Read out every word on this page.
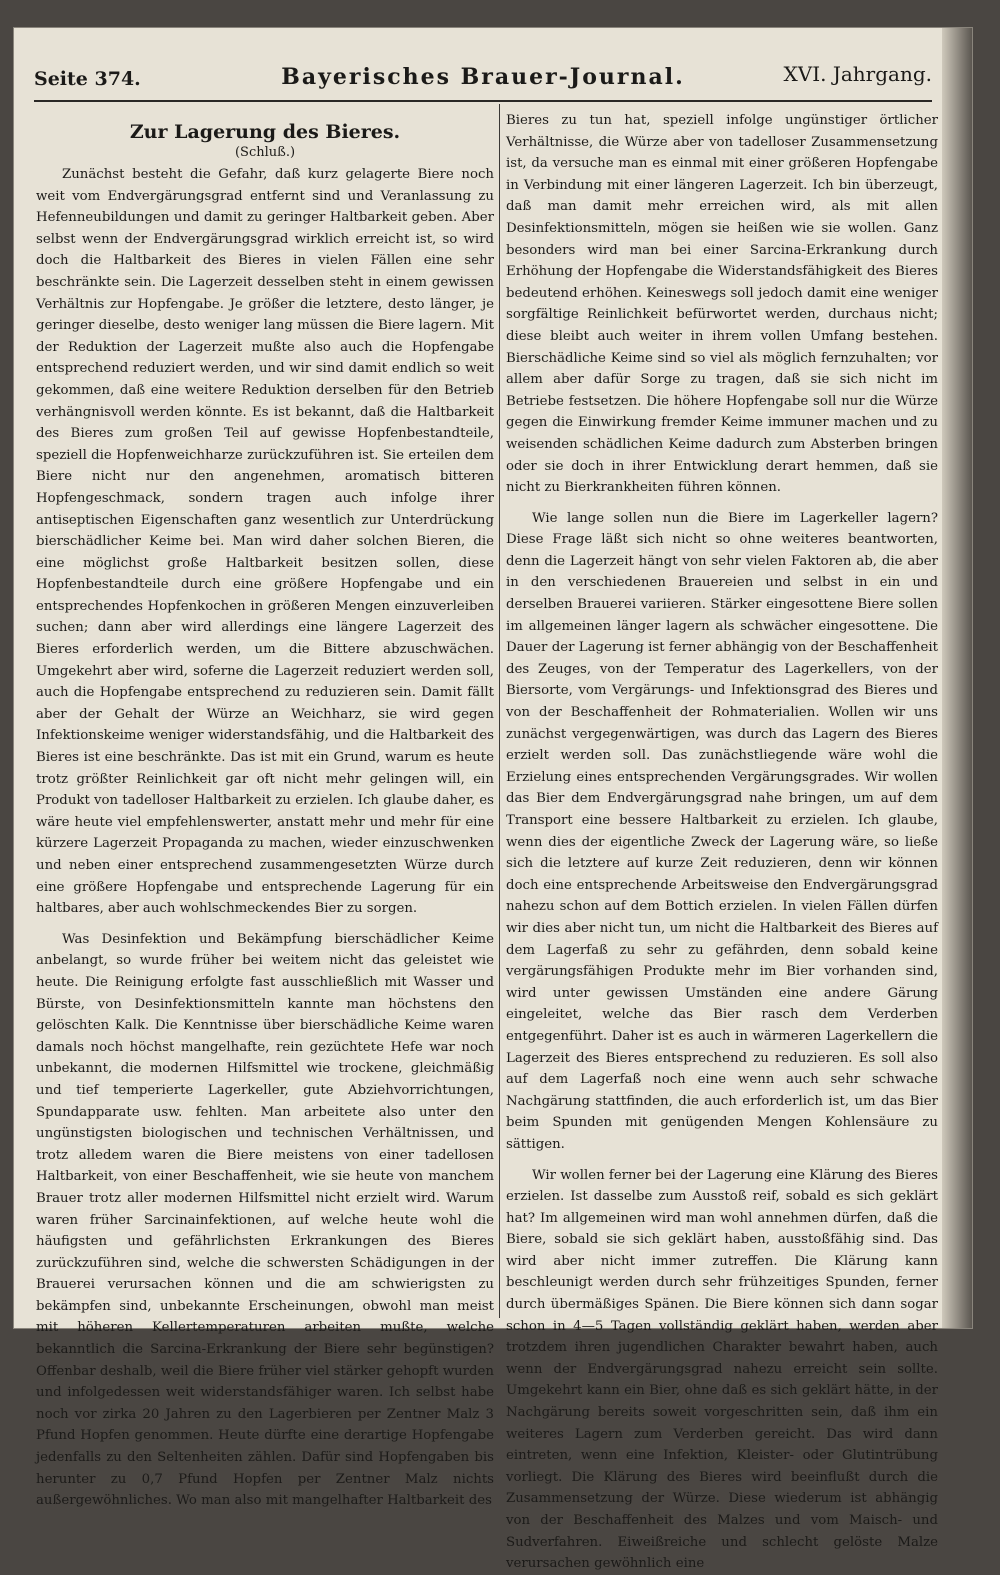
Seite 374.	Bayerisches Brauer-Journal.	XVI. Jahrgang.
Zur Lagerung des Bieres.
(Schluß.)

Zunächst besteht die Gefahr, daß kurz gelagerte Biere noch weit vom Endvergärungsgrad entfernt sind und Veranlassung zu Hefenneubildungen und damit zu geringer Haltbarkeit geben. Aber selbst wenn der Endvergärungsgrad wirklich erreicht ist, so wird doch die Haltbarkeit des Bieres in vielen Fällen eine sehr beschränkte sein. Die Lagerzeit desselben steht in einem gewissen Verhältnis zur Hopfengabe. Je größer die letztere, desto länger, je geringer dieselbe, desto weniger lang müssen die Biere lagern. Mit der Reduktion der Lagerzeit mußte also auch die Hopfengabe entsprechend reduziert werden, und wir sind damit endlich so weit gekommen, daß eine weitere Reduktion derselben für den Betrieb verhängnisvoll werden könnte. Es ist bekannt, daß die Haltbarkeit des Bieres zum großen Teil auf gewisse Hopfenbestandteile, speziell die Hopfenweichharze zurückzuführen ist. Sie erteilen dem Biere nicht nur den angenehmen, aromatisch bitteren Hopfengeschmack, sondern tragen auch infolge ihrer antiseptischen Eigenschaften ganz wesentlich zur Unterdrückung bierschädlicher Keime bei. Man wird daher solchen Bieren, die eine möglichst große Haltbarkeit besitzen sollen, diese Hopfenbestandteile durch eine größere Hopfengabe und ein entsprechendes Hopfenkochen in größeren Mengen einzuverleiben suchen; dann aber wird allerdings eine längere Lagerzeit des Bieres erforderlich werden, um die Bittere abzuschwächen. Umgekehrt aber wird, soferne die Lagerzeit reduziert werden soll, auch die Hopfengabe entsprechend zu reduzieren sein. Damit fällt aber der Gehalt der Würze an Weichharz, sie wird gegen Infektionskeime weniger widerstandsfähig, und die Haltbarkeit des Bieres ist eine beschränkte. Das ist mit ein Grund, warum es heute trotz größter Reinlichkeit gar oft nicht mehr gelingen will, ein Produkt von tadelloser Haltbarkeit zu erzielen. Ich glaube daher, es wäre heute viel empfehlenswerter, anstatt mehr und mehr für eine kürzere Lagerzeit Propaganda zu machen, wieder einzuschwenken und neben einer entsprechend zusammengesetzten Würze durch eine größere Hopfengabe und entsprechende Lagerung für ein haltbares, aber auch wohlschmeckendes Bier zu sorgen.

Was Desinfektion und Bekämpfung bierschädlicher Keime anbelangt, so wurde früher bei weitem nicht das geleistet wie heute. Die Reinigung erfolgte fast ausschließlich mit Wasser und Bürste, von Desinfektionsmitteln kannte man höchstens den gelöschten Kalk. Die Kenntnisse über bierschädliche Keime waren damals noch höchst mangelhafte, rein gezüchtete Hefe war noch unbekannt, die modernen Hilfsmittel wie trockene, gleichmäßig und tief temperierte Lagerkeller, gute Abziehvorrichtungen, Spundapparate usw. fehlten. Man arbeitete also unter den ungünstigsten biologischen und technischen Verhältnissen, und trotz alledem waren die Biere meistens von einer tadellosen Haltbarkeit, von einer Beschaffenheit, wie sie heute von manchem Brauer trotz aller modernen Hilfsmittel nicht erzielt wird. Warum waren früher Sarcinainfektionen, auf welche heute wohl die häufigsten und gefährlichsten Erkrankungen des Bieres zurückzuführen sind, welche die schwersten Schädigungen in der Brauerei verursachen können und die am schwierigsten zu bekämpfen sind, unbekannte Erscheinungen, obwohl man meist mit höheren Kellertemperaturen arbeiten mußte, welche bekanntlich die Sarcina-Erkrankung der Biere sehr begünstigen? Offenbar deshalb, weil die Biere früher viel stärker gehopft wurden und infolgedessen weit widerstandsfähiger waren. Ich selbst habe noch vor zirka 20 Jahren zu den Lagerbieren per Zentner Malz 3 Pfund Hopfen genommen. Heute dürfte eine derartige Hopfengabe jedenfalls zu den Seltenheiten zählen. Dafür sind Hopfengaben bis herunter zu 0,7 Pfund Hopfen per Zentner Malz nichts außergewöhnliches. Wo man also mit mangelhafter Haltbarkeit des

Bieres zu tun hat, speziell infolge ungünstiger örtlicher Verhältnisse, die Würze aber von tadelloser Zusammensetzung ist, da versuche man es einmal mit einer größeren Hopfengabe in Verbindung mit einer längeren Lagerzeit. Ich bin überzeugt, daß man damit mehr erreichen wird, als mit allen Desinfektionsmitteln, mögen sie heißen wie sie wollen. Ganz besonders wird man bei einer Sarcina-Erkrankung durch Erhöhung der Hopfengabe die Widerstandsfähigkeit des Bieres bedeutend erhöhen. Keineswegs soll jedoch damit eine weniger sorgfältige Reinlichkeit befürwortet werden, durchaus nicht; diese bleibt auch weiter in ihrem vollen Umfang bestehen. Bierschädliche Keime sind so viel als möglich fernzuhalten; vor allem aber dafür Sorge zu tragen, daß sie sich nicht im Betriebe festsetzen. Die höhere Hopfengabe soll nur die Würze gegen die Einwirkung fremder Keime immuner machen und zu weisenden schädlichen Keime dadurch zum Absterben bringen oder sie doch in ihrer Entwicklung derart hemmen, daß sie nicht zu Bierkrankheiten führen können.

Wie lange sollen nun die Biere im Lagerkeller lagern? Diese Frage läßt sich nicht so ohne weiteres beantworten, denn die Lagerzeit hängt von sehr vielen Faktoren ab, die aber in den verschiedenen Brauereien und selbst in ein und derselben Brauerei variieren. Stärker eingesottene Biere sollen im allgemeinen länger lagern als schwächer eingesottene. Die Dauer der Lagerung ist ferner abhängig von der Beschaffenheit des Zeuges, von der Temperatur des Lagerkellers, von der Biersorte, vom Vergärungs- und Infektionsgrad des Bieres und von der Beschaffenheit der Rohmaterialien. Wollen wir uns zunächst vergegenwärtigen, was durch das Lagern des Bieres erzielt werden soll. Das zunächstliegende wäre wohl die Erzielung eines entsprechenden Vergärungsgrades. Wir wollen das Bier dem Endvergärungsgrad nahe bringen, um auf dem Transport eine bessere Haltbarkeit zu erzielen. Ich glaube, wenn dies der eigentliche Zweck der Lagerung wäre, so ließe sich die letztere auf kurze Zeit reduzieren, denn wir können doch eine entsprechende Arbeitsweise den Endvergärungsgrad nahezu schon auf dem Bottich erzielen. In vielen Fällen dürfen wir dies aber nicht tun, um nicht die Haltbarkeit des Bieres auf dem Lagerfaß zu sehr zu gefährden, denn sobald keine vergärungsfähigen Produkte mehr im Bier vorhanden sind, wird unter gewissen Umständen eine andere Gärung eingeleitet, welche das Bier rasch dem Verderben entgegenführt. Daher ist es auch in wärmeren Lagerkellern die Lagerzeit des Bieres entsprechend zu reduzieren. Es soll also auf dem Lagerfaß noch eine wenn auch sehr schwache Nachgärung stattfinden, die auch erforderlich ist, um das Bier beim Spunden mit genügenden Mengen Kohlensäure zu sättigen.

Wir wollen ferner bei der Lagerung eine Klärung des Bieres erzielen. Ist dasselbe zum Ausstoß reif, sobald es sich geklärt hat? Im allgemeinen wird man wohl annehmen dürfen, daß die Biere, sobald sie sich geklärt haben, ausstoßfähig sind. Das wird aber nicht immer zutreffen. Die Klärung kann beschleunigt werden durch sehr frühzeitiges Spunden, ferner durch übermäßiges Spänen. Die Biere können sich dann sogar schon in 4—5 Tagen vollständig geklärt haben, werden aber trotzdem ihren jugendlichen Charakter bewahrt haben, auch wenn der Endvergärungsgrad nahezu erreicht sein sollte. Umgekehrt kann ein Bier, ohne daß es sich geklärt hätte, in der Nachgärung bereits soweit vorgeschritten sein, daß ihm ein weiteres Lagern zum Verderben gereicht. Das wird dann eintreten, wenn eine Infektion, Kleister- oder Glutintrübung vorliegt. Die Klärung des Bieres wird beeinflußt durch die Zusammensetzung der Würze. Diese wiederum ist abhängig von der Beschaffenheit des Malzes und vom Maisch- und Sudverfahren. Eiweißreiche und schlecht gelöste Malze verursachen gewöhnlich eine
